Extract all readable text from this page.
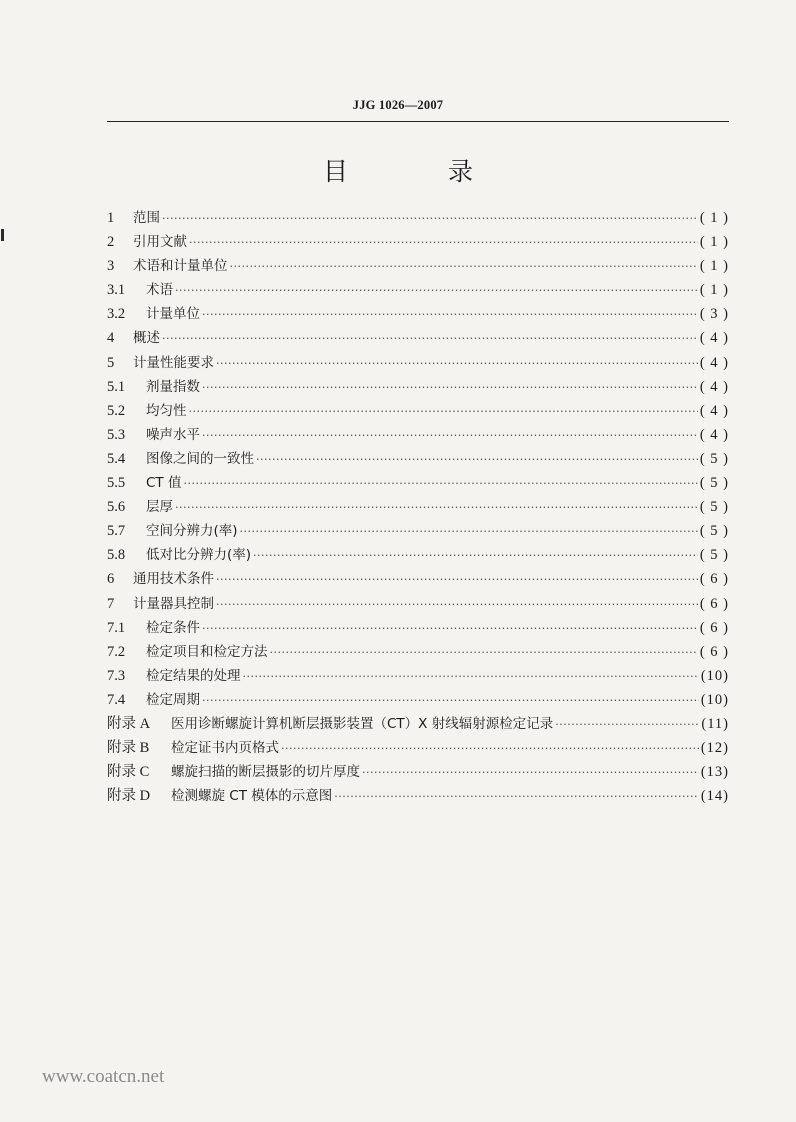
JJG 1026—2007
目 录
1	范围 ·····	( 1 )
2	引用文献 ·····	( 1 )
3	术语和计量单位 ·····	( 1 )
3.1	术语 ·····	( 1 )
3.2	计量单位 ·····	( 3 )
4	概述 ·····	( 4 )
5	计量性能要求 ·····	( 4 )
5.1	剂量指数 ·····	( 4 )
5.2	均匀性 ·····	( 4 )
5.3	噪声水平 ·····	( 4 )
5.4	图像之间的一致性 ·····	( 5 )
5.5	CT 值 ·····	( 5 )
5.6	层厚 ·····	( 5 )
5.7	空间分辨力(率) ·····	( 5 )
5.8	低对比分辨力(率) ·····	( 5 )
6	通用技术条件 ·····	( 6 )
7	计量器具控制 ·····	( 6 )
7.1	检定条件 ·····	( 6 )
7.2	检定项目和检定方法 ·····	( 6 )
7.3	检定结果的处理 ·····	(10)
7.4	检定周期 ·····	(10)
附录 A	医用诊断螺旋计算机断层摄影装置（CT）X 射线辐射源检定记录 ·····	(11)
附录 B	检定证书内页格式 ·····	(12)
附录 C	螺旋扫描的断层摄影的切片厚度 ·····	(13)
附录 D	检测螺旋 CT 模体的示意图 ·····	(14)
www.coatcn.net
